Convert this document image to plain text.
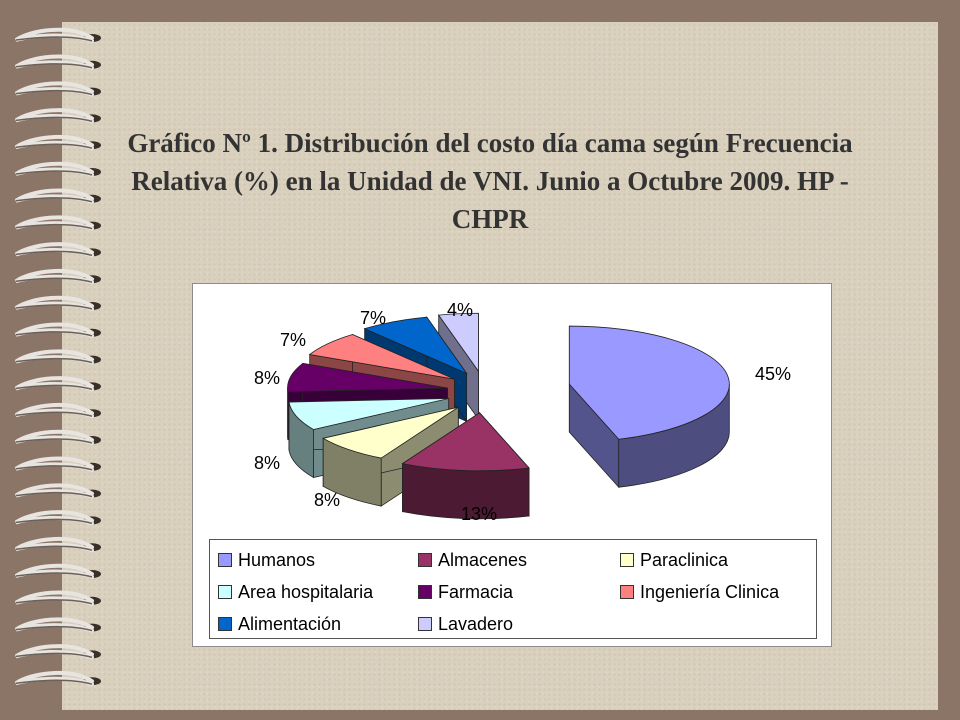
Gráfico Nº 1. Distribución del costo día cama según Frecuencia Relativa (%) en la Unidad de VNI. Junio a Octubre 2009. HP - CHPR
45%
13%
8%
8%
8%
7%
7%	4%
Humanos	Almacenes	Paraclinica
Area hospitalaria	Farmacia	Ingeniería Clinica
Alimentación	Lavadero
